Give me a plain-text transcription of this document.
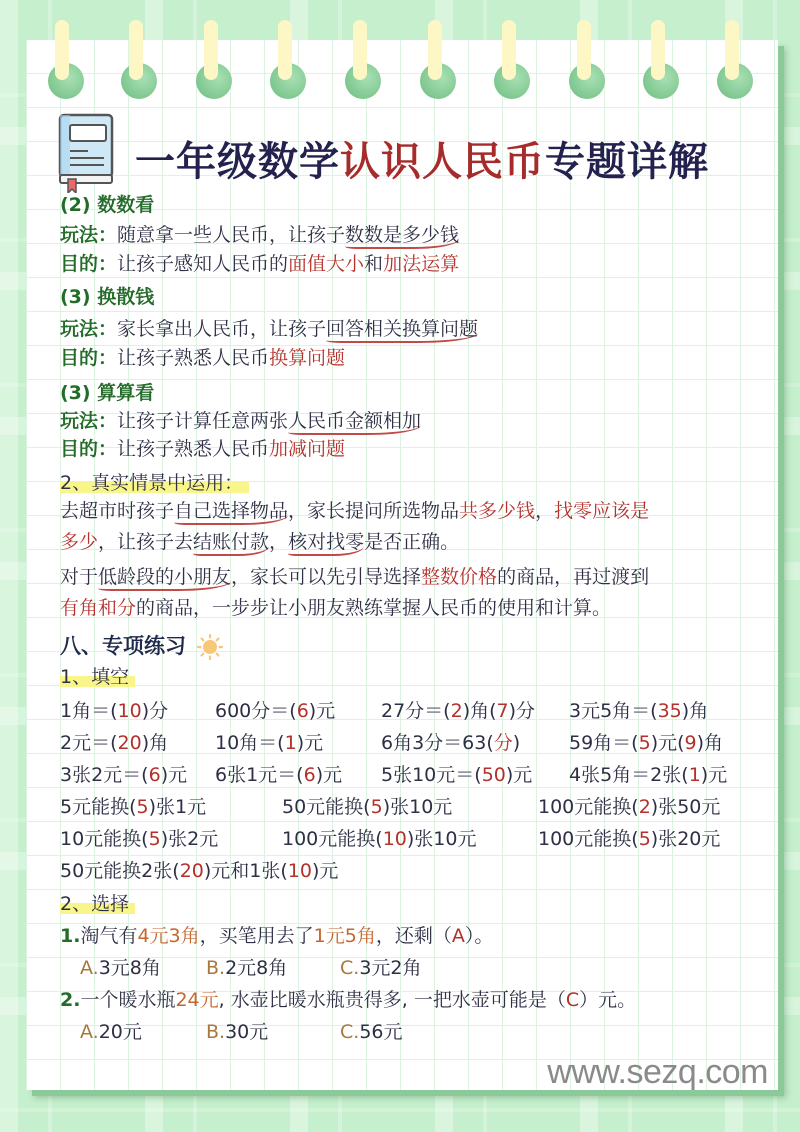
一年级数学认识人民币专题详解
(2) 数数看
玩法：随意拿一些人民币，让孩子数数是多少钱
目的：让孩子感知人民币的面值大小和加法运算
(3) 换散钱
玩法：家长拿出人民币，让孩子回答相关换算问题
目的：让孩子熟悉人民币换算问题
(3) 算算看
玩法：让孩子计算任意两张人民币金额相加
目的：让孩子熟悉人民币加减问题
2、真实情景中运用：
去超市时孩子自己选择物品，家长提问所选物品共多少钱，找零应该是
多少，让孩子去结账付款，核对找零是否正确。
对于低龄段的小朋友，家长可以先引导选择整数价格的商品，再过渡到
有角和分的商品，一步步让小朋友熟练掌握人民币的使用和计算。
八、专项练习
1、填空
1角＝(10)分	600分＝(6)元	27分＝(2)角(7)分	3元5角＝(35)角
2元＝(20)角	10角＝(1)元	6角3分＝63(分)	59角＝(5)元(9)角
3张2元＝(6)元	6张1元＝(6)元	5张10元＝(50)元	4张5角＝2张(1)元
5元能换(5)张1元	50元能换(5)张10元	100元能换(2)张50元
10元能换(5)张2元	100元能换(10)张10元	100元能换(5)张20元
50元能换2张(20)元和1张(10)元
2、选择
1.淘气有4元3角，买笔用去了1元5角，还剩（A）。
A.3元8角	B.2元8角	C.3元2角
2.一个暖水瓶24元, 水壶比暖水瓶贵得多, 一把水壶可能是（C）元。
A.20元	B.30元	C.56元
www.sezq.com
